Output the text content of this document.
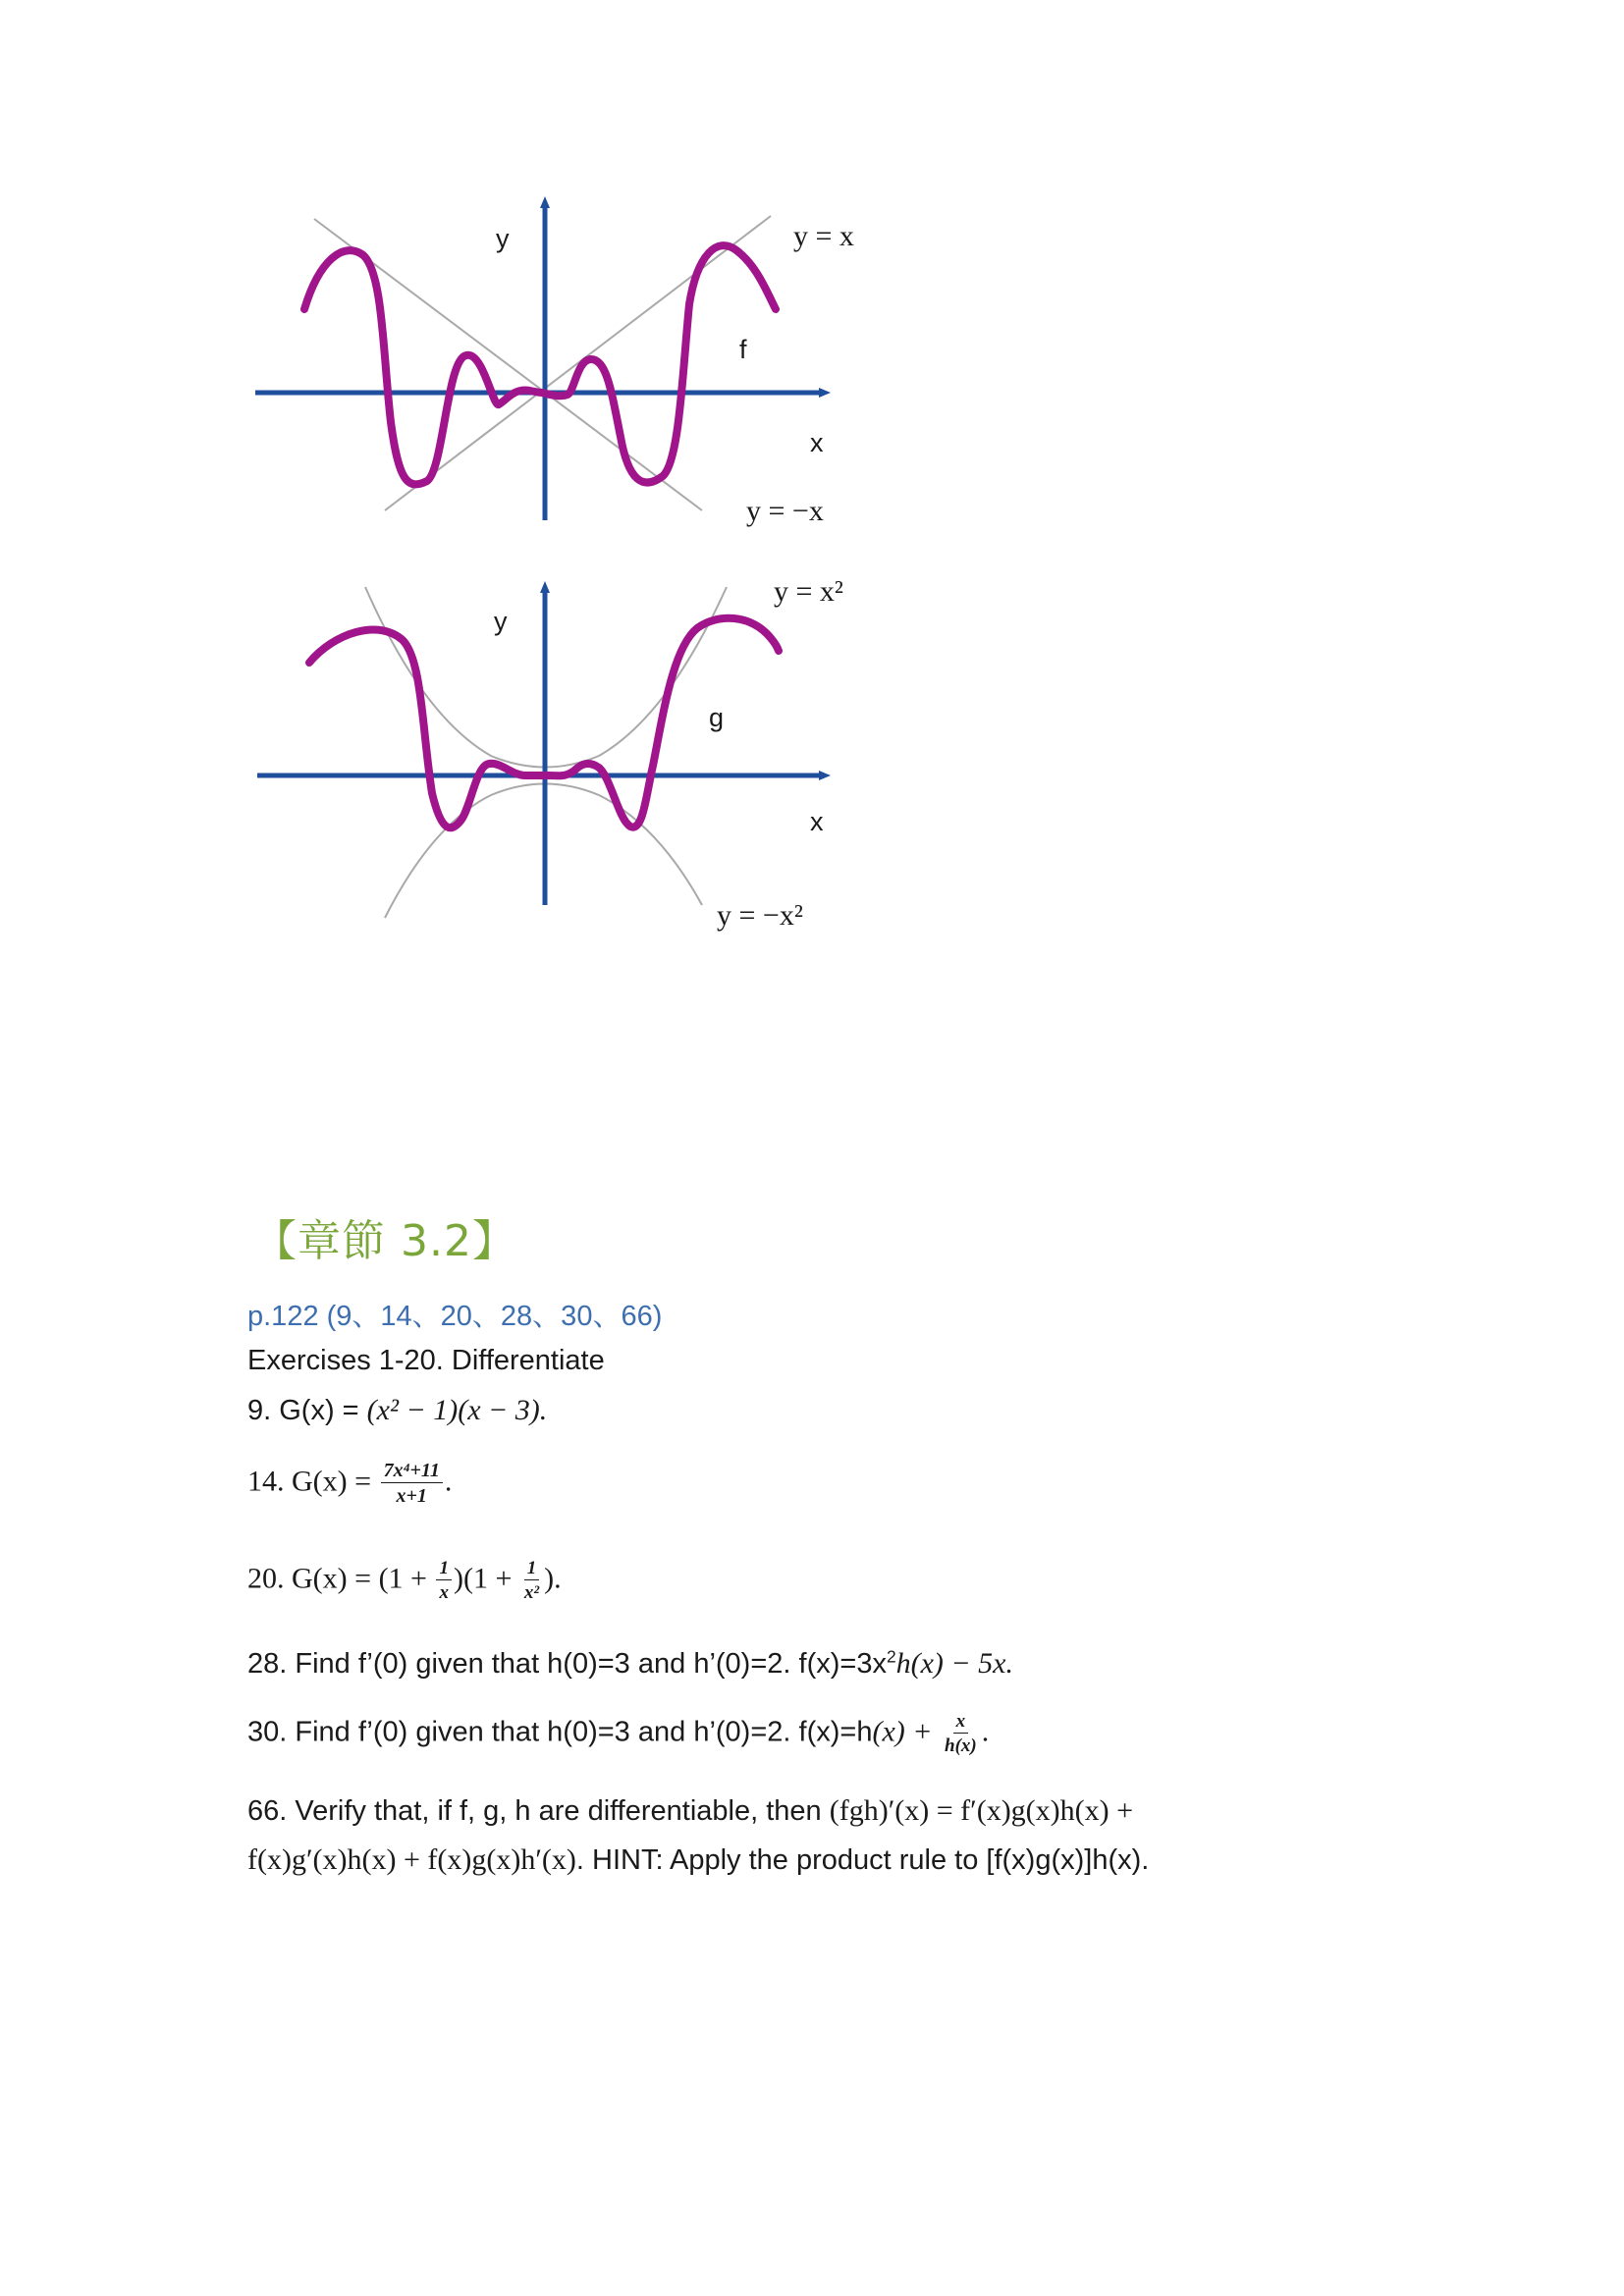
y
x
f
y = x
y = −x
y
x
g
y = x²
y = −x²
【章節 3.2】
p.122 (9、14、20、28、30、66)
Exercises 1-20. Differentiate
9. G(x) = (x² − 1)(x − 3).
14. $G(x) = \frac{\text{7x⁴+11}}{x+1}$ .
20. $G(x) = (1 + \frac{1}{x} )(1 + \frac{1}{\text{x²}}$ ).
28. Find f’(0) given that h(0)=3 and h’(0)=2. $f(x)=3x^2h(x) - 5x$.
30. Find f’(0) given that h(0)=3 and h’(0)=2. $f(x)=h(x) + \frac{x}{h(x)}$ .
66. Verify that, if f, g, h are differentiable, then (fgh)′(x) = f′(x)g(x)h(x) +
f(x)g′(x)h(x) + f(x)g(x)h′(x). HINT: Apply the product rule to [f(x)g(x)]h(x).
